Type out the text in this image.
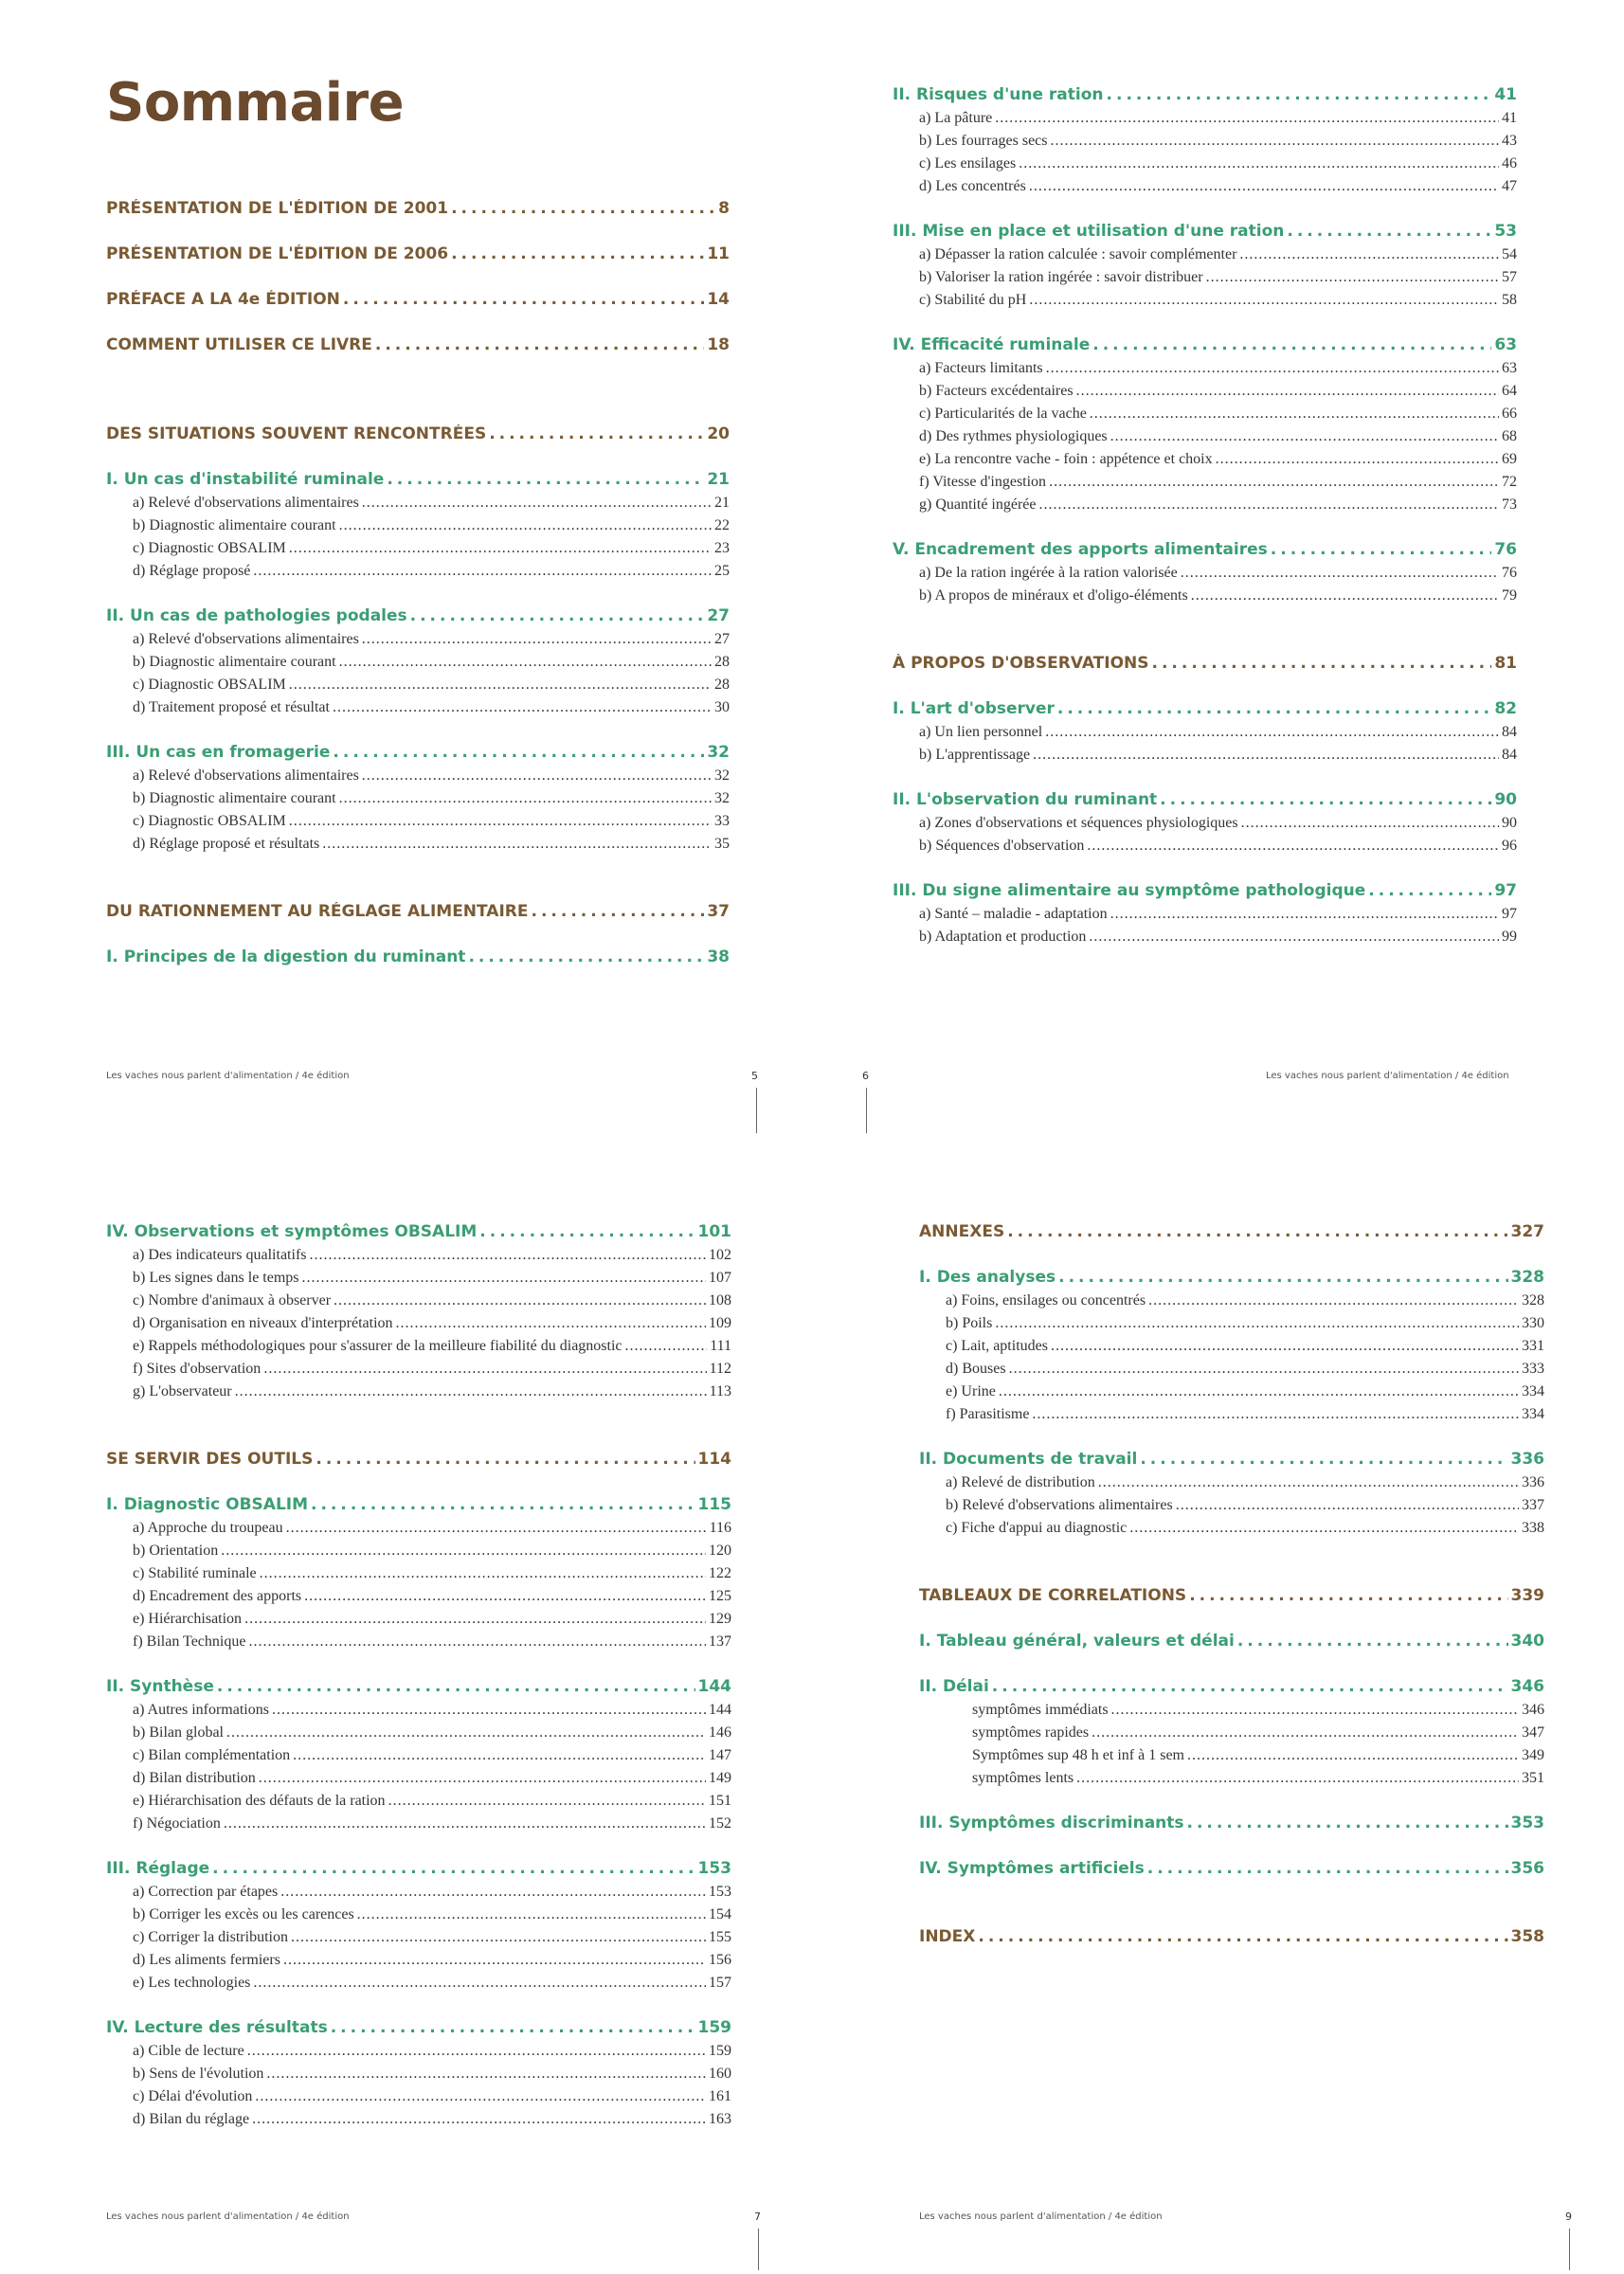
Sommaire
PRÉSENTATION DE L'ÉDITION DE 2001 .....	8
PRÉSENTATION DE L'ÉDITION DE 2006 .....	11
PRÉFACE A LA 4e ÉDITION .....	14
COMMENT UTILISER CE LIVRE .....	18
DES SITUATIONS SOUVENT RENCONTRÉES .....	20
I. Un cas d'instabilité ruminale .....	21
a) Relevé d'observations alimentaires .....	21
b) Diagnostic alimentaire courant .....	22
c) Diagnostic OBSALIM .....	23
d) Réglage proposé .....	25
II. Un cas de pathologies podales .....	27
a) Relevé d'observations alimentaires .....	27
b) Diagnostic alimentaire courant .....	28
c) Diagnostic OBSALIM .....	28
d) Traitement proposé et résultat .....	30
III. Un cas en fromagerie .....	32
a) Relevé d'observations alimentaires .....	32
b) Diagnostic alimentaire courant .....	32
c) Diagnostic OBSALIM .....	33
d) Réglage proposé et résultats .....	35
DU RATIONNEMENT AU RÉGLAGE ALIMENTAIRE .....	37
I. Principes de la digestion du ruminant .....	38
II. Risques d'une ration .....	41
a) La pâture .....	41
b) Les fourrages secs .....	43
c) Les ensilages .....	46
d) Les concentrés .....	47
III. Mise en place et utilisation d'une ration .....	53
a) Dépasser la ration calculée : savoir complémenter .....	54
b) Valoriser la ration ingérée : savoir distribuer .....	57
c) Stabilité du pH .....	58
IV. Efficacité ruminale .....	63
a) Facteurs limitants .....	63
b) Facteurs excédentaires .....	64
c) Particularités de la vache .....	66
d) Des rythmes physiologiques .....	68
e) La rencontre vache - foin : appétence et choix .....	69
f) Vitesse d'ingestion .....	72
g) Quantité ingérée .....	73
V. Encadrement des apports alimentaires .....	76
a) De la ration ingérée à la ration valorisée .....	76
b) A propos de minéraux et d'oligo-éléments .....	79
À PROPOS D'OBSERVATIONS .....	81
I. L'art d'observer .....	82
a) Un lien personnel .....	84
b) L'apprentissage .....	84
II. L'observation du ruminant .....	90
a) Zones d'observations et séquences physiologiques .....	90
b) Séquences d'observation .....	96
III. Du signe alimentaire au symptôme pathologique .....	97
a) Santé – maladie - adaptation .....	97
b) Adaptation et production .....	99
IV. Observations et symptômes OBSALIM .....	101
a) Des indicateurs qualitatifs .....	102
b) Les signes dans le temps .....	107
c) Nombre d'animaux à observer .....	108
d) Organisation en niveaux d'interprétation .....	109
e) Rappels méthodologiques pour s'assurer de la meilleure fiabilité du diagnostic .....	111
f) Sites d'observation .....	112
g) L'observateur .....	113
SE SERVIR DES OUTILS .....	114
I. Diagnostic OBSALIM .....	115
a) Approche du troupeau .....	116
b) Orientation .....	120
c) Stabilité ruminale .....	122
d) Encadrement des apports .....	125
e) Hiérarchisation .....	129
f) Bilan Technique .....	137
II. Synthèse .....	144
a) Autres informations .....	144
b) Bilan global .....	146
c) Bilan complémentation .....	147
d) Bilan distribution .....	149
e) Hiérarchisation des défauts de la ration .....	151
f) Négociation .....	152
III. Réglage .....	153
a) Correction par étapes .....	153
b) Corriger les excès ou les carences .....	154
c) Corriger la distribution .....	155
d) Les aliments fermiers .....	156
e) Les technologies .....	157
IV. Lecture des résultats .....	159
a) Cible de lecture .....	159
b) Sens de l'évolution .....	160
c) Délai d'évolution .....	161
d) Bilan du réglage .....	163
ANNEXES .....	327
I. Des analyses .....	328
a) Foins, ensilages ou concentrés .....	328
b) Poils .....	330
c) Lait, aptitudes .....	331
d) Bouses .....	333
e) Urine .....	334
f) Parasitisme .....	334
II. Documents de travail .....	336
a) Relevé de distribution .....	336
b) Relevé d'observations alimentaires .....	337
c) Fiche d'appui au diagnostic .....	338
TABLEAUX DE CORRELATIONS .....	339
I. Tableau général, valeurs et délai .....	340
II. Délai .....	346
symptômes immédiats .....	346
symptômes rapides .....	347
Symptômes sup 48 h et inf à 1 sem .....	349
symptômes lents .....	351
III. Symptômes discriminants .....	353
IV. Symptômes artificiels .....	356
INDEX .....	358
Les vaches nous parlent d'alimentation / 4e édition	5	6	Les vaches nous parlent d'alimentation / 4e édition
Les vaches nous parlent d'alimentation / 4e édition	7	Les vaches nous parlent d'alimentation / 4e édition	9
